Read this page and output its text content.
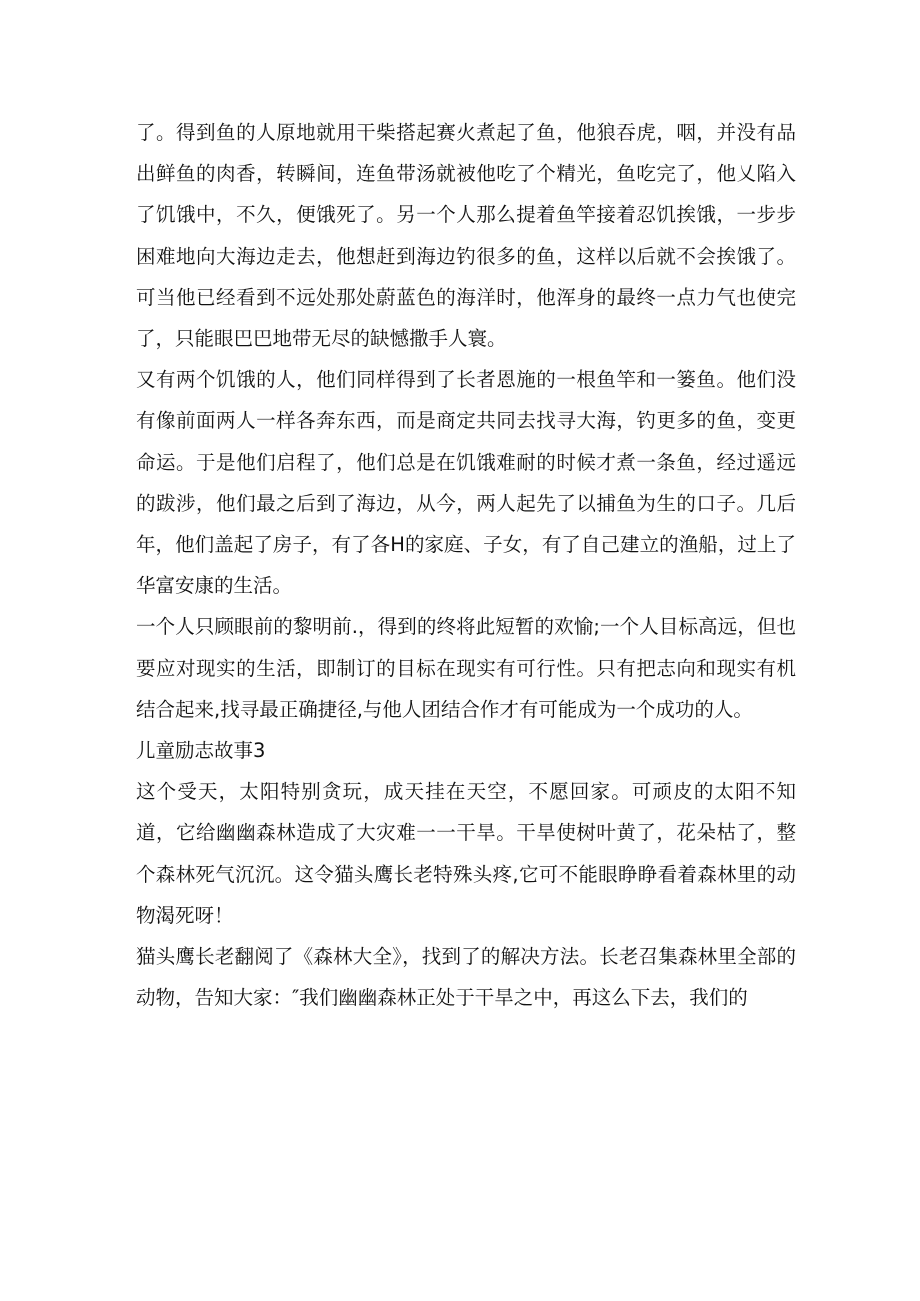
了。得到鱼的人原地就用干柴搭起赛火煮起了鱼，他狼吞虎，咽，并没有品出鲜鱼的肉香，转瞬间，连鱼带汤就被他吃了个精光，鱼吃完了，他乂陷入了饥饿中，不久，便饿死了。另一个人那么提着鱼竿接着忍饥挨饿，一步步困难地向大海边走去，他想赶到海边钓很多的鱼，这样以后就不会挨饿了。可当他已经看到不远处那处蔚蓝色的海洋时，他浑身的最终一点力气也使完了，只能眼巴巴地带无尽的缺憾撒手人寰。

又有两个饥饿的人，他们同样得到了长者恩施的一根鱼竿和一篓鱼。他们没有像前面两人一样各奔东西，而是商定共同去找寻大海，钓更多的鱼，变更命运。于是他们启程了，他们总是在饥饿难耐的时候才煮一条鱼，经过遥远的跋涉，他们最之后到了海边，从今，两人起先了以捕鱼为生的口子。几后年，他们盖起了房子，有了各H的家庭、子女，有了自己建立的渔船，过上了华富安康的生活。

一个人只顾眼前的黎明前.，得到的终将此短暂的欢愉;一个人目标高远，但也要应对现实的生活，即制订的目标在现实有可行性。只有把志向和现实有机结合起来,找寻最正确捷径,与他人团结合作才有可能成为一个成功的人。

儿童励志故事3

这个受天，太阳特别贪玩，成天挂在天空，不愿回家。可顽皮的太阳不知道，它给幽幽森林造成了大灾难一一干旱。干旱使树叶黄了，花朵枯了，整个森林死气沉沉。这令猫头鹰长老特殊头疼,它可不能眼睁睁看着森林里的动物渴死呀！

猫头鹰长老翻阅了《森林大全》，找到了的解决方法。长老召集森林里全部的动物，告知大家：″我们幽幽森林正处于干旱之中，再这么下去，我们的
